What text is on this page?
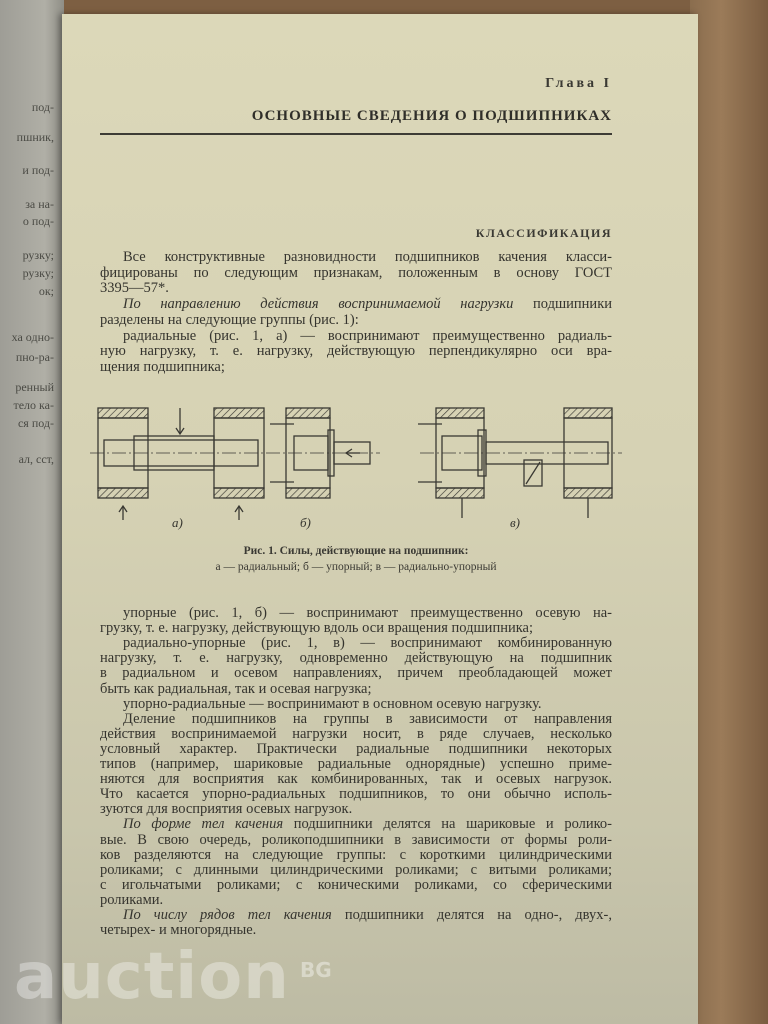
под-
пшник,
и под-
за на-
о под-
рузку;
рузку;
ок;
ха одно-
пно-ра-
ренный
тело ка-
ся под-
ал, сст,
Глава I
ОСНОВНЫЕ СВЕДЕНИЯ О ПОДШИПНИКАХ
КЛАССИФИКАЦИЯ
Все конструктивные разновидности подшипников качения класси-
фицированы по следующим признакам, положенным в основу ГОСТ
3395—57*.
По направлению действия воспринимаемой нагрузки подшипники
разделены на следующие группы (рис. 1):
радиальные (рис. 1, а) — воспринимают преимущественно радиаль-
ную нагрузку, т. е. нагрузку, действующую перпендикулярно оси вра-
щения подшипника;
а)	б)	в)
Рис. 1. Силы, действующие на подшипник:
а — радиальный; б — упорный; в — радиально-упорный
упорные (рис. 1, б) — воспринимают преимущественно осевую на-
грузку, т. е. нагрузку, действующую вдоль оси вращения подшипника;
радиально-упорные (рис. 1, в) — воспринимают комбинированную
нагрузку, т. е. нагрузку, одновременно действующую на подшипник
в радиальном и осевом направлениях, причем преобладающей может
быть как радиальная, так и осевая нагрузка;
упорно-радиальные — воспринимают в основном осевую нагрузку.
Деление подшипников на группы в зависимости от направления
действия воспринимаемой нагрузки носит, в ряде случаев, несколько
условный характер. Практически радиальные подшипники некоторых
типов (например, шариковые радиальные однорядные) успешно приме-
няются для восприятия как комбинированных, так и осевых нагрузок.
Что касается упорно-радиальных подшипников, то они обычно исполь-
зуются для восприятия осевых нагрузок.
По форме тел качения подшипники делятся на шариковые и ролико-
вые. В свою очередь, роликоподшипники в зависимости от формы роли-
ков разделяются на следующие группы: с короткими цилиндрическими
роликами; с длинными цилиндрическими роликами; с витыми роликами;
с игольчатыми роликами; с коническими роликами, со сферическими
роликами.
По числу рядов тел качения подшипники делятся на одно-, двух-,
четырех- и многорядные.
auction BG
